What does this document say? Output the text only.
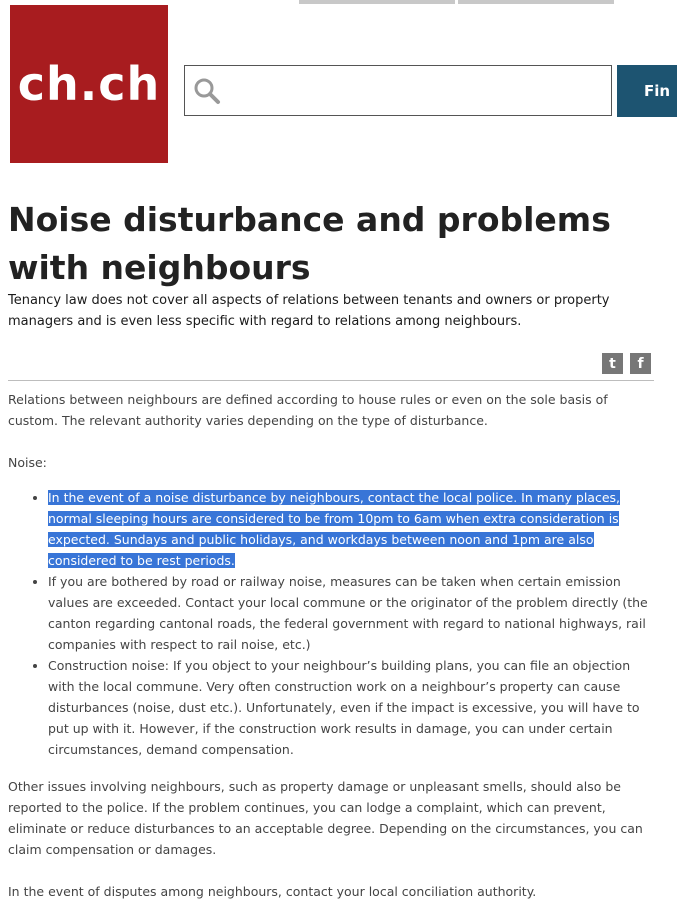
ch.ch	Fin
Noise disturbance and problems with neighbours

Tenancy law does not cover all aspects of relations between tenants and owners or property managers and is even less specific with regard to relations among neighbours.

t	f

Relations between neighbours are defined according to house rules or even on the sole basis of custom. The relevant authority varies depending on the type of disturbance.

Noise:

• In the event of a noise disturbance by neighbours, contact the local police. In many places, normal sleeping hours are considered to be from 10pm to 6am when extra consideration is expected. Sundays and public holidays, and workdays between noon and 1pm are also considered to be rest periods.
• If you are bothered by road or railway noise, measures can be taken when certain emission values are exceeded. Contact your local commune or the originator of the problem directly (the canton regarding cantonal roads, the federal government with regard to national highways, rail companies with respect to rail noise, etc.)
• Construction noise: If you object to your neighbour’s building plans, you can file an objection with the local commune. Very often construction work on a neighbour’s property can cause disturbances (noise, dust etc.). Unfortunately, even if the impact is excessive, you will have to put up with it. However, if the construction work results in damage, you can under certain circumstances, demand compensation.

Other issues involving neighbours, such as property damage or unpleasant smells, should also be reported to the police. If the problem continues, you can lodge a complaint, which can prevent, eliminate or reduce disturbances to an acceptable degree. Depending on the circumstances, you can claim compensation or damages.

In the event of disputes among neighbours, contact your local conciliation authority.
